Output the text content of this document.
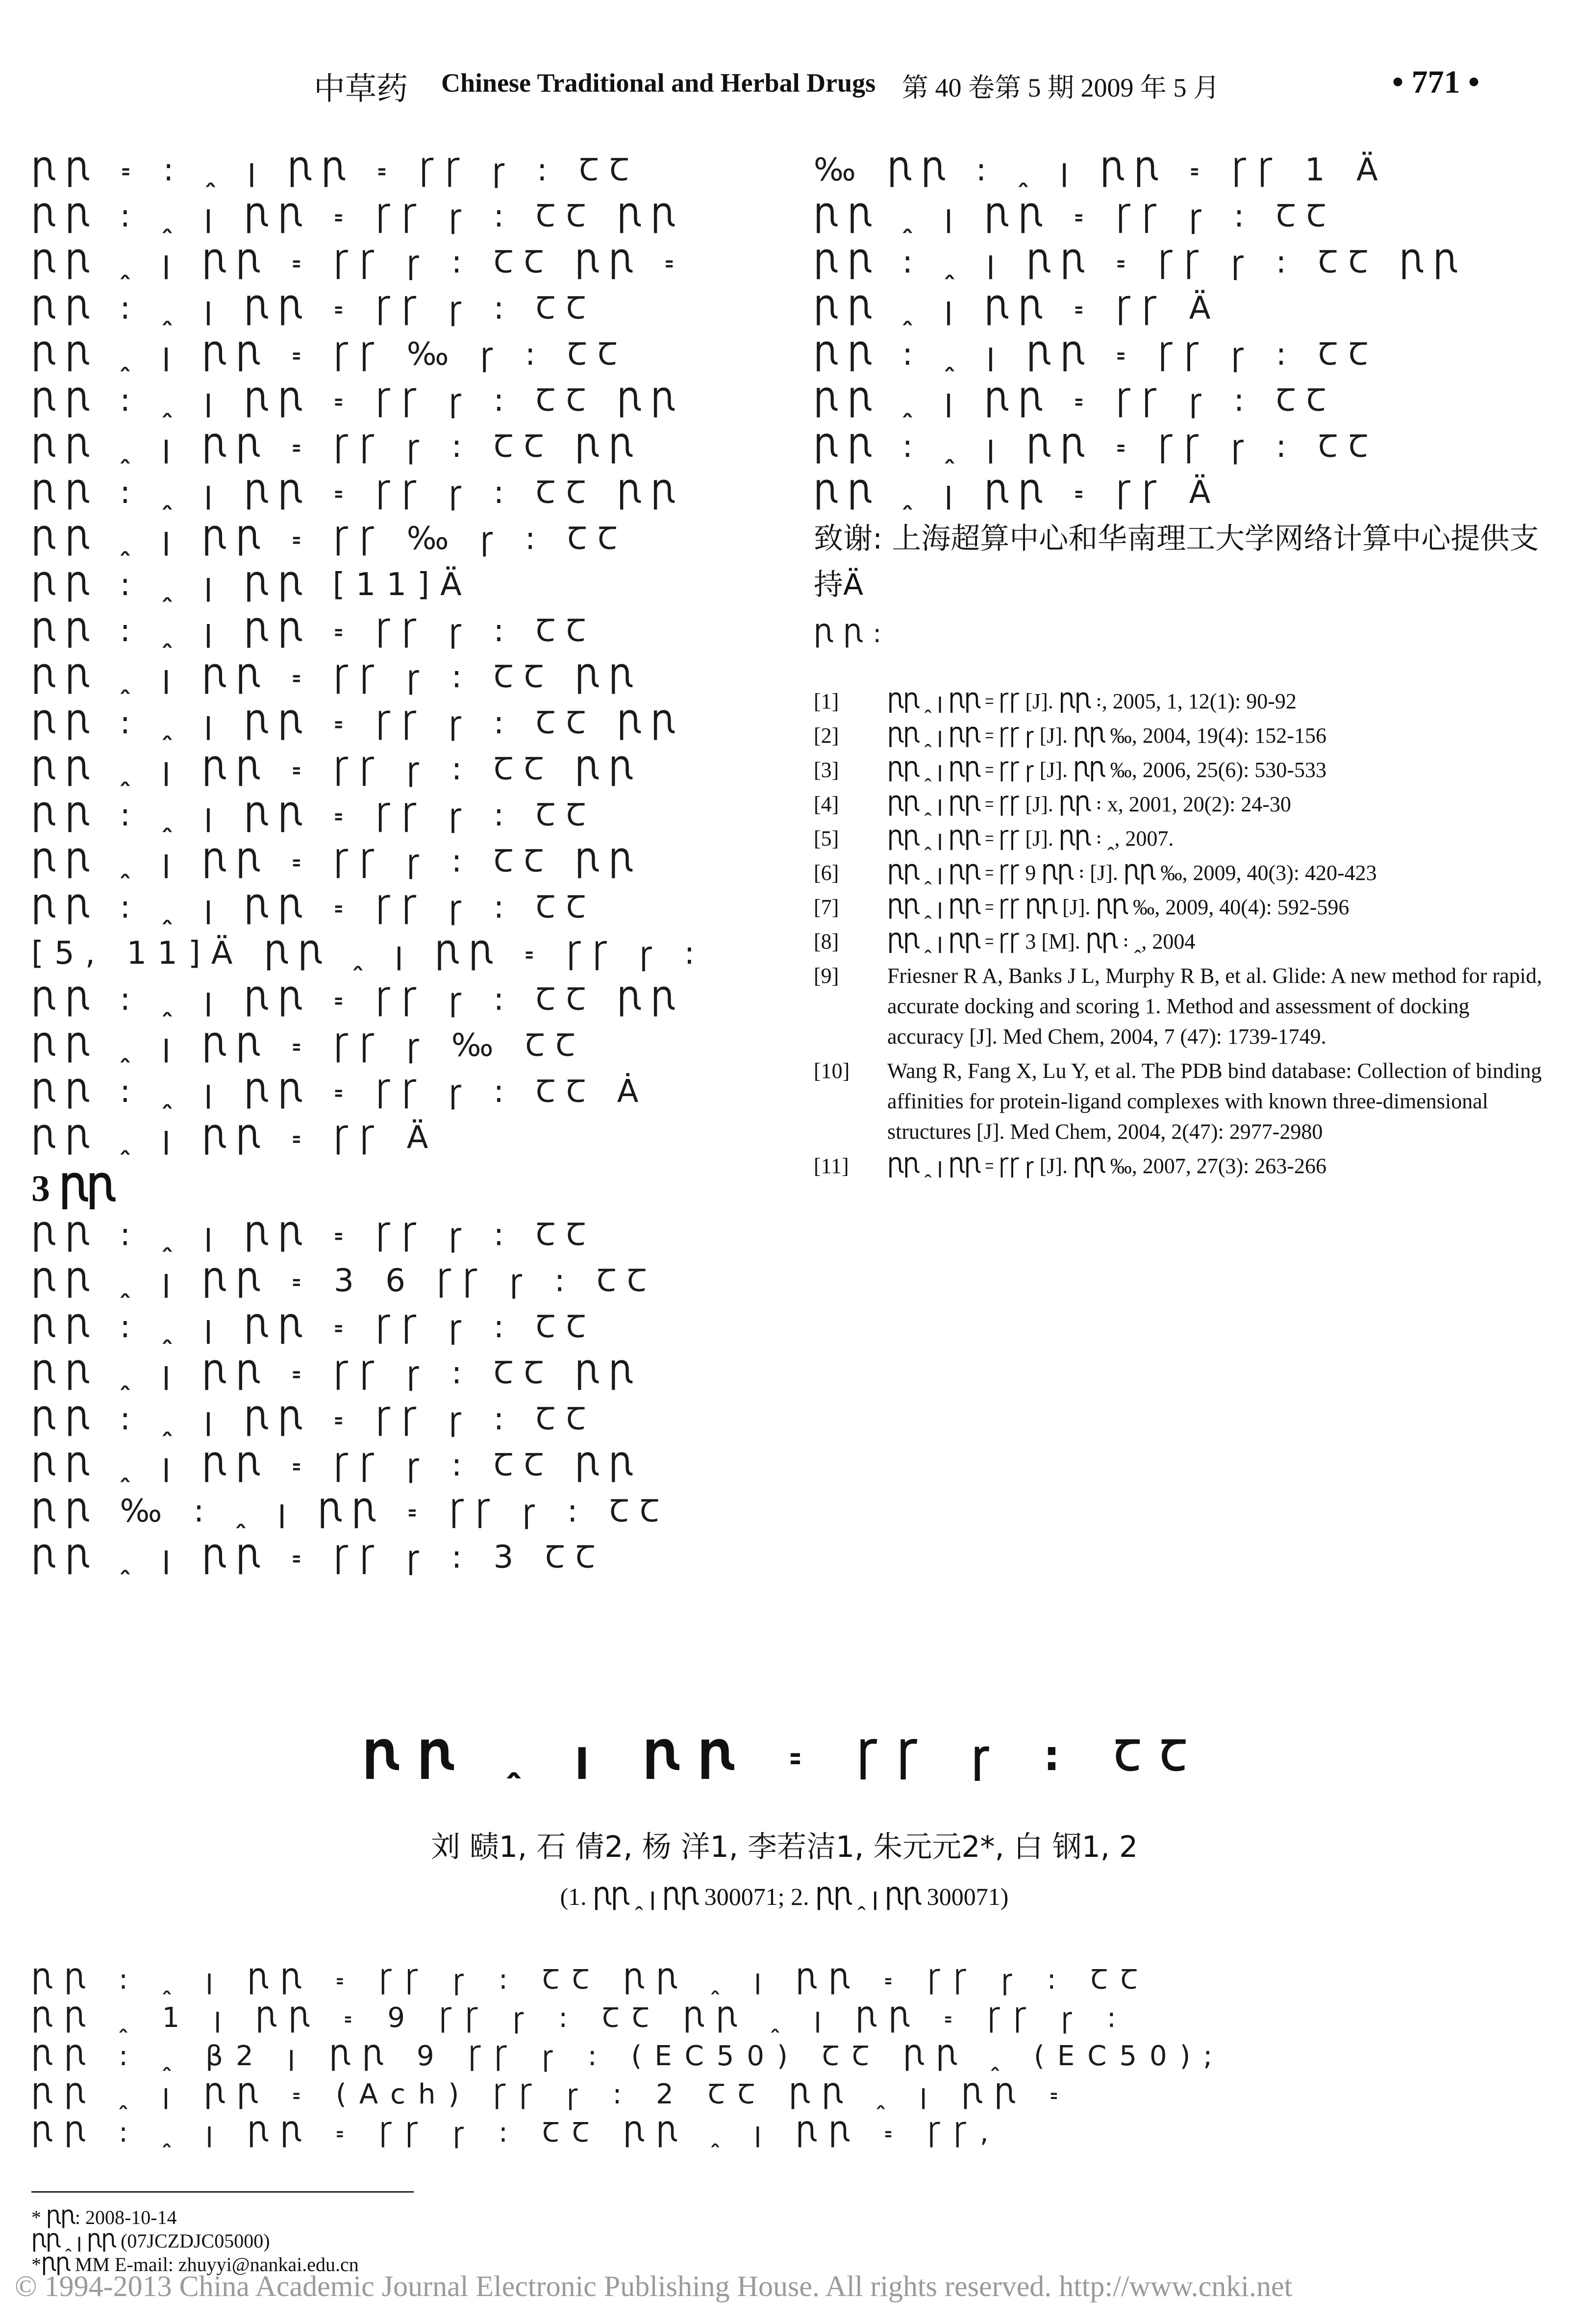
中草药 Chinese Traditional and Herbal Drugs 第 40 卷第 5 期 2009 年 5 月	• 771 •
ꞂꞂ ꞊ ꞉ ꞈ ꞁ ꞂꞂ ꞊ ꞄꞄ ꞅ ꞉ ꞆꞆ
ꞂꞂ ꞉ ꞈ ꞁ ꞂꞂ ꞊ ꞄꞄ ꞅ ꞉ ꞆꞆ ꞂꞂ
ꞂꞂ ꞈ ꞁ ꞂꞂ ꞊ ꞄꞄ ꞅ ꞉ ꞆꞆ ꞂꞂ ꞊
ꞂꞂ ꞉ ꞈ ꞁ ꞂꞂ ꞊ ꞄꞄ ꞅ ꞉ ꞆꞆ
ꞂꞂ ꞈ ꞁ ꞂꞂ ꞊ ꞄꞄ ‰ ꞅ ꞉ ꞆꞆ
ꞂꞂ ꞉ ꞈ ꞁ ꞂꞂ ꞊ ꞄꞄ ꞅ ꞉ ꞆꞆ ꞂꞂ
ꞂꞂ ꞈ ꞁ ꞂꞂ ꞊ ꞄꞄ ꞅ ꞉ ꞆꞆ ꞂꞂ
ꞂꞂ ꞉ ꞈ ꞁ ꞂꞂ ꞊ ꞄꞄ ꞅ ꞉ ꞆꞆ ꞂꞂ
ꞂꞂ ꞈ ꞁ ꞂꞂ ꞊ ꞄꞄ ‰ ꞅ ꞉ ꞆꞆ
ꞂꞂ ꞉ ꞈ ꞁ ꞂꞂ [11]Ä
ꞂꞂ ꞉ ꞈ ꞁ ꞂꞂ ꞊ ꞄꞄ ꞅ ꞉ ꞆꞆ
ꞂꞂ ꞈ ꞁ ꞂꞂ ꞊ ꞄꞄ ꞅ ꞉ ꞆꞆ ꞂꞂ
ꞂꞂ ꞉ ꞈ ꞁ ꞂꞂ ꞊ ꞄꞄ ꞅ ꞉ ꞆꞆ ꞂꞂ
ꞂꞂ ꞈ ꞁ ꞂꞂ ꞊ ꞄꞄ ꞅ ꞉ ꞆꞆ ꞂꞂ
ꞂꞂ ꞉ ꞈ ꞁ ꞂꞂ ꞊ ꞄꞄ ꞅ ꞉ ꞆꞆ
ꞂꞂ ꞈ ꞁ ꞂꞂ ꞊ ꞄꞄ ꞅ ꞉ ꞆꞆ ꞂꞂ
ꞂꞂ ꞉ ꞈ ꞁ ꞂꞂ ꞊ ꞄꞄ ꞅ ꞉ ꞆꞆ
[5, 11]Ä ꞂꞂ ꞈ ꞁ ꞂꞂ ꞊ ꞄꞄ ꞅ ꞉
ꞂꞂ ꞉ ꞈ ꞁ ꞂꞂ ꞊ ꞄꞄ ꞅ ꞉ ꞆꞆ ꞂꞂ
ꞂꞂ ꞈ ꞁ ꞂꞂ ꞊ ꞄꞄ ꞅ ‰ ꞆꞆ
ꞂꞂ ꞉ ꞈ ꞁ ꞂꞂ ꞊ ꞄꞄ ꞅ ꞉ ꞆꞆ Ȧ
ꞂꞂ ꞈ ꞁ ꞂꞂ ꞊ ꞄꞄ Ä
3 ꞂꞂ
ꞂꞂ ꞉ ꞈ ꞁ ꞂꞂ ꞊ ꞄꞄ ꞅ ꞉ ꞆꞆ
ꞂꞂ ꞈ ꞁ ꞂꞂ ꞊ 3 6 ꞄꞄ ꞅ ꞉ ꞆꞆ
ꞂꞂ ꞉ ꞈ ꞁ ꞂꞂ ꞊ ꞄꞄ ꞅ ꞉ ꞆꞆ
ꞂꞂ ꞈ ꞁ ꞂꞂ ꞊ ꞄꞄ ꞅ ꞉ ꞆꞆ ꞂꞂ
ꞂꞂ ꞉ ꞈ ꞁ ꞂꞂ ꞊ ꞄꞄ ꞅ ꞉ ꞆꞆ
ꞂꞂ ꞈ ꞁ ꞂꞂ ꞊ ꞄꞄ ꞅ ꞉ ꞆꞆ ꞂꞂ
ꞂꞂ ‰ ꞉ ꞈ ꞁ ꞂꞂ ꞊ ꞄꞄ ꞅ ꞉ ꞆꞆ
ꞂꞂ ꞈ ꞁ ꞂꞂ ꞊ ꞄꞄ ꞅ ꞉ 3 ꞆꞆ
‰ ꞂꞂ ꞉ ꞈ ꞁ ꞂꞂ ꞊ ꞄꞄ 1 Ä
ꞂꞂ ꞈ ꞁ ꞂꞂ ꞊ ꞄꞄ ꞅ ꞉ ꞆꞆ
ꞂꞂ ꞉ ꞈ ꞁ ꞂꞂ ꞊ ꞄꞄ ꞅ ꞉ ꞆꞆ ꞂꞂ
ꞂꞂ ꞈ ꞁ ꞂꞂ ꞊ ꞄꞄ Ä
ꞂꞂ ꞉ ꞈ ꞁ ꞂꞂ ꞊ ꞄꞄ ꞅ ꞉ ꞆꞆ
ꞂꞂ ꞈ ꞁ ꞂꞂ ꞊ ꞄꞄ ꞅ ꞉ ꞆꞆ
ꞂꞂ ꞉ ꞈ ꞁ ꞂꞂ ꞊ ꞄꞄ ꞅ ꞉ ꞆꞆ
ꞂꞂ ꞈ ꞁ ꞂꞂ ꞊ ꞄꞄ Ä
致谢: 上海超算中心和华南理工大学网络计算中心提供支持Ä
ꞂꞂ:
[1]	ꞂꞂ ꞈ ꞁ ꞂꞂ ꞊ ꞄꞄ [J]. ꞂꞂ ꞉, 2005, 1, 12(1): 90-92
[2]	ꞂꞂ ꞈ ꞁ ꞂꞂ ꞊ ꞄꞄ ꞅ [J]. ꞂꞂ ‰, 2004, 19(4): 152-156
[3]	ꞂꞂ ꞈ ꞁ ꞂꞂ ꞊ ꞄꞄ ꞅ [J]. ꞂꞂ ‰, 2006, 25(6): 530-533
[4]	ꞂꞂ ꞈ ꞁ ꞂꞂ ꞊ ꞄꞄ [J]. ꞂꞂ ꞉ x, 2001, 20(2): 24-30
[5]	ꞂꞂ ꞈ ꞁ ꞂꞂ ꞊ ꞄꞄ [J]. ꞂꞂ ꞉ ꞈ, 2007.
[6]	ꞂꞂ ꞈ ꞁ ꞂꞂ ꞊ ꞄꞄ 9 ꞂꞂ ꞉ [J]. ꞂꞂ ‰, 2009, 40(3): 420-423
[7]	ꞂꞂ ꞈ ꞁ ꞂꞂ ꞊ ꞄꞄ ꞂꞂ [J]. ꞂꞂ ‰, 2009, 40(4): 592-596
[8]	ꞂꞂ ꞈ ꞁ ꞂꞂ ꞊ ꞄꞄ 3 [M]. ꞂꞂ ꞉ ꞈ, 2004
[9]	Friesner R A, Banks J L, Murphy R B, et al. Glide: A new method for rapid, accurate docking and scoring 1. Method and assessment of docking accuracy [J]. Med Chem, 2004, 7 (47): 1739-1749.
[10]	Wang R, Fang X, Lu Y, et al. The PDB bind database: Collection of binding affinities for protein-ligand complexes with known three-dimensional structures [J]. Med Chem, 2004, 2(47): 2977-2980
[11]	ꞂꞂ ꞈ ꞁ ꞂꞂ ꞊ ꞄꞄ ꞅ [J]. ꞂꞂ ‰, 2007, 27(3): 263-266
ꞂꞂ ꞈ ꞁ ꞂꞂ ꞊ ꞄꞄ ꞅ ꞉ ꞆꞆ
刘 赜1, 石 倩2, 杨 洋1, 李若洁1, 朱元元2*, 白 钢1, 2
(1. ꞂꞂ ꞈ ꞁ ꞂꞂ 300071; 2. ꞂꞂ ꞈ ꞁ ꞂꞂ 300071)
ꞂꞂ ꞉ ꞈ ꞁ ꞂꞂ ꞊ ꞄꞄ ꞅ ꞉ ꞆꞆ ꞂꞂ ꞈ ꞁ ꞂꞂ ꞊ ꞄꞄ ꞅ ꞉ ꞆꞆ
ꞂꞂ ꞈ 1 ꞁ ꞂꞂ ꞊ 9 ꞄꞄ ꞅ ꞉ ꞆꞆ ꞂꞂ ꞈ ꞁ ꞂꞂ ꞊ ꞄꞄ ꞅ ꞉
ꞂꞂ ꞉ ꞈ β2 ꞁ ꞂꞂ 9 ꞄꞄ ꞅ ꞉ (EC50) ꞆꞆ ꞂꞂ ꞈ (EC50);
ꞂꞂ ꞈ ꞁ ꞂꞂ ꞊ (Ach) ꞄꞄ ꞅ ꞉ 2 ꞆꞆ ꞂꞂ ꞈ ꞁ ꞂꞂ ꞊
ꞂꞂ ꞉ ꞈ ꞁ ꞂꞂ ꞊ ꞄꞄ ꞅ ꞉ ꞆꞆ ꞂꞂ ꞈ ꞁ ꞂꞂ ꞊ ꞄꞄ,
* ꞂꞂ: 2008-10-14
ꞂꞂ ꞈ ꞁ ꞂꞂ (07JCZDJC05000)
*ꞂꞂ MM E-mail: zhuyyi@nankai.edu.cn
© 1994-2013 China Academic Journal Electronic Publishing House. All rights reserved. http://www.cnki.net
